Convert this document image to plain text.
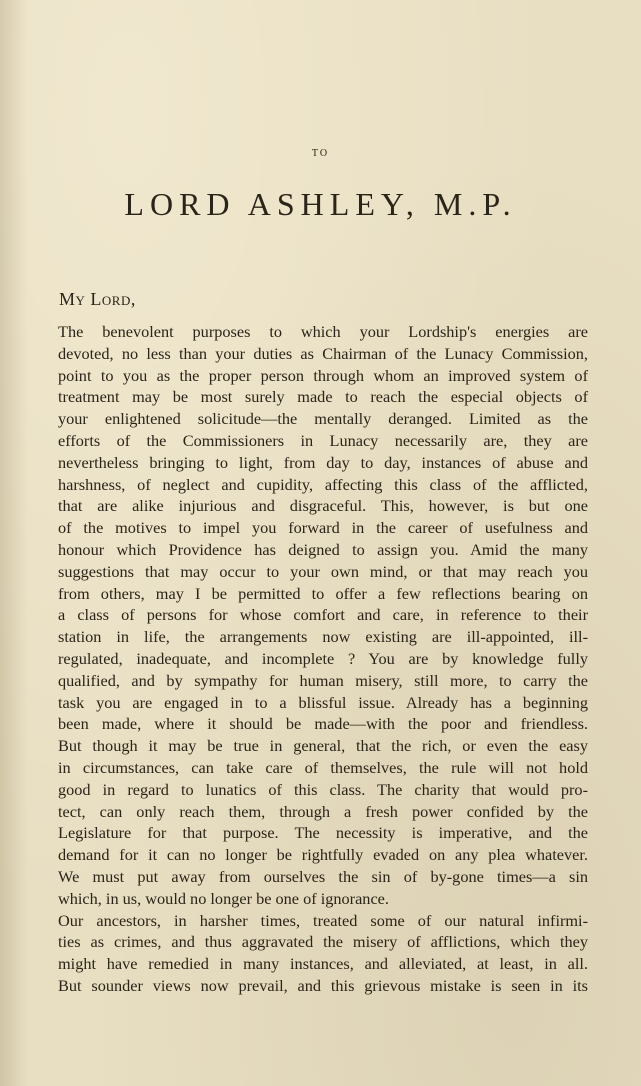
TO
LORD ASHLEY, M.P.
My Lord,
The benevolent purposes to which your Lordship's energies are
devoted, no less than your duties as Chairman of the Lunacy Commission,
point to you as the proper person through whom an improved system of
treatment may be most surely made to reach the especial objects of
your enlightened solicitude—the mentally deranged. Limited as the
efforts of the Commissioners in Lunacy necessarily are, they are
nevertheless bringing to light, from day to day, instances of abuse and
harshness, of neglect and cupidity, affecting this class of the afflicted,
that are alike injurious and disgraceful. This, however, is but one
of the motives to impel you forward in the career of usefulness and
honour which Providence has deigned to assign you. Amid the many
suggestions that may occur to your own mind, or that may reach you
from others, may I be permitted to offer a few reflections bearing on
a class of persons for whose comfort and care, in reference to their
station in life, the arrangements now existing are ill-appointed, ill-
regulated, inadequate, and incomplete ? You are by knowledge fully
qualified, and by sympathy for human misery, still more, to carry the
task you are engaged in to a blissful issue. Already has a beginning
been made, where it should be made—with the poor and friendless.
But though it may be true in general, that the rich, or even the easy
in circumstances, can take care of themselves, the rule will not hold
good in regard to lunatics of this class. The charity that would pro-
tect, can only reach them, through a fresh power confided by the
Legislature for that purpose. The necessity is imperative, and the
demand for it can no longer be rightfully evaded on any plea whatever.
We must put away from ourselves the sin of by-gone times—a sin
which, in us, would no longer be one of ignorance.
Our ancestors, in harsher times, treated some of our natural infirmi-
ties as crimes, and thus aggravated the misery of afflictions, which they
might have remedied in many instances, and alleviated, at least, in all.
But sounder views now prevail, and this grievous mistake is seen in its
